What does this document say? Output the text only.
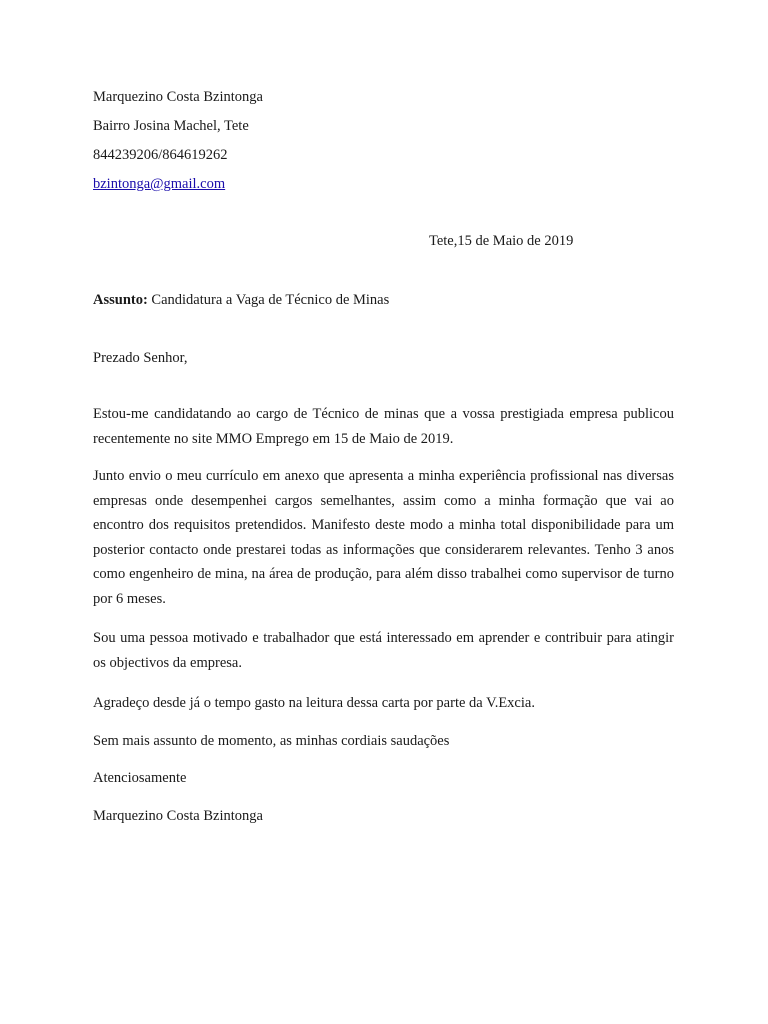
Marquezino Costa Bzintonga
Bairro Josina Machel, Tete
844239206/864619262
bzintonga@gmail.com
Tete,15 de Maio de 2019
Assunto: Candidatura a Vaga de Técnico de Minas
Prezado Senhor,
Estou-me candidatando ao cargo de Técnico de minas que a vossa prestigiada empresa publicou recentemente no site MMO Emprego em 15 de Maio de 2019.
Junto envio o meu currículo em anexo que apresenta a minha experiência profissional nas diversas empresas onde desempenhei cargos semelhantes, assim como a minha formação que vai ao encontro dos requisitos pretendidos. Manifesto deste modo a minha total disponibilidade para um posterior contacto onde prestarei todas as informações que considerarem relevantes. Tenho 3 anos como engenheiro de mina, na área de produção, para além disso trabalhei como supervisor de turno por 6 meses.
Sou uma pessoa motivado e trabalhador que está interessado em aprender e contribuir para atingir os objectivos da empresa.
Agradeço desde já o tempo gasto na leitura dessa carta por parte da V.Excia.
Sem mais assunto de momento, as minhas cordiais saudações
Atenciosamente
Marquezino Costa Bzintonga
